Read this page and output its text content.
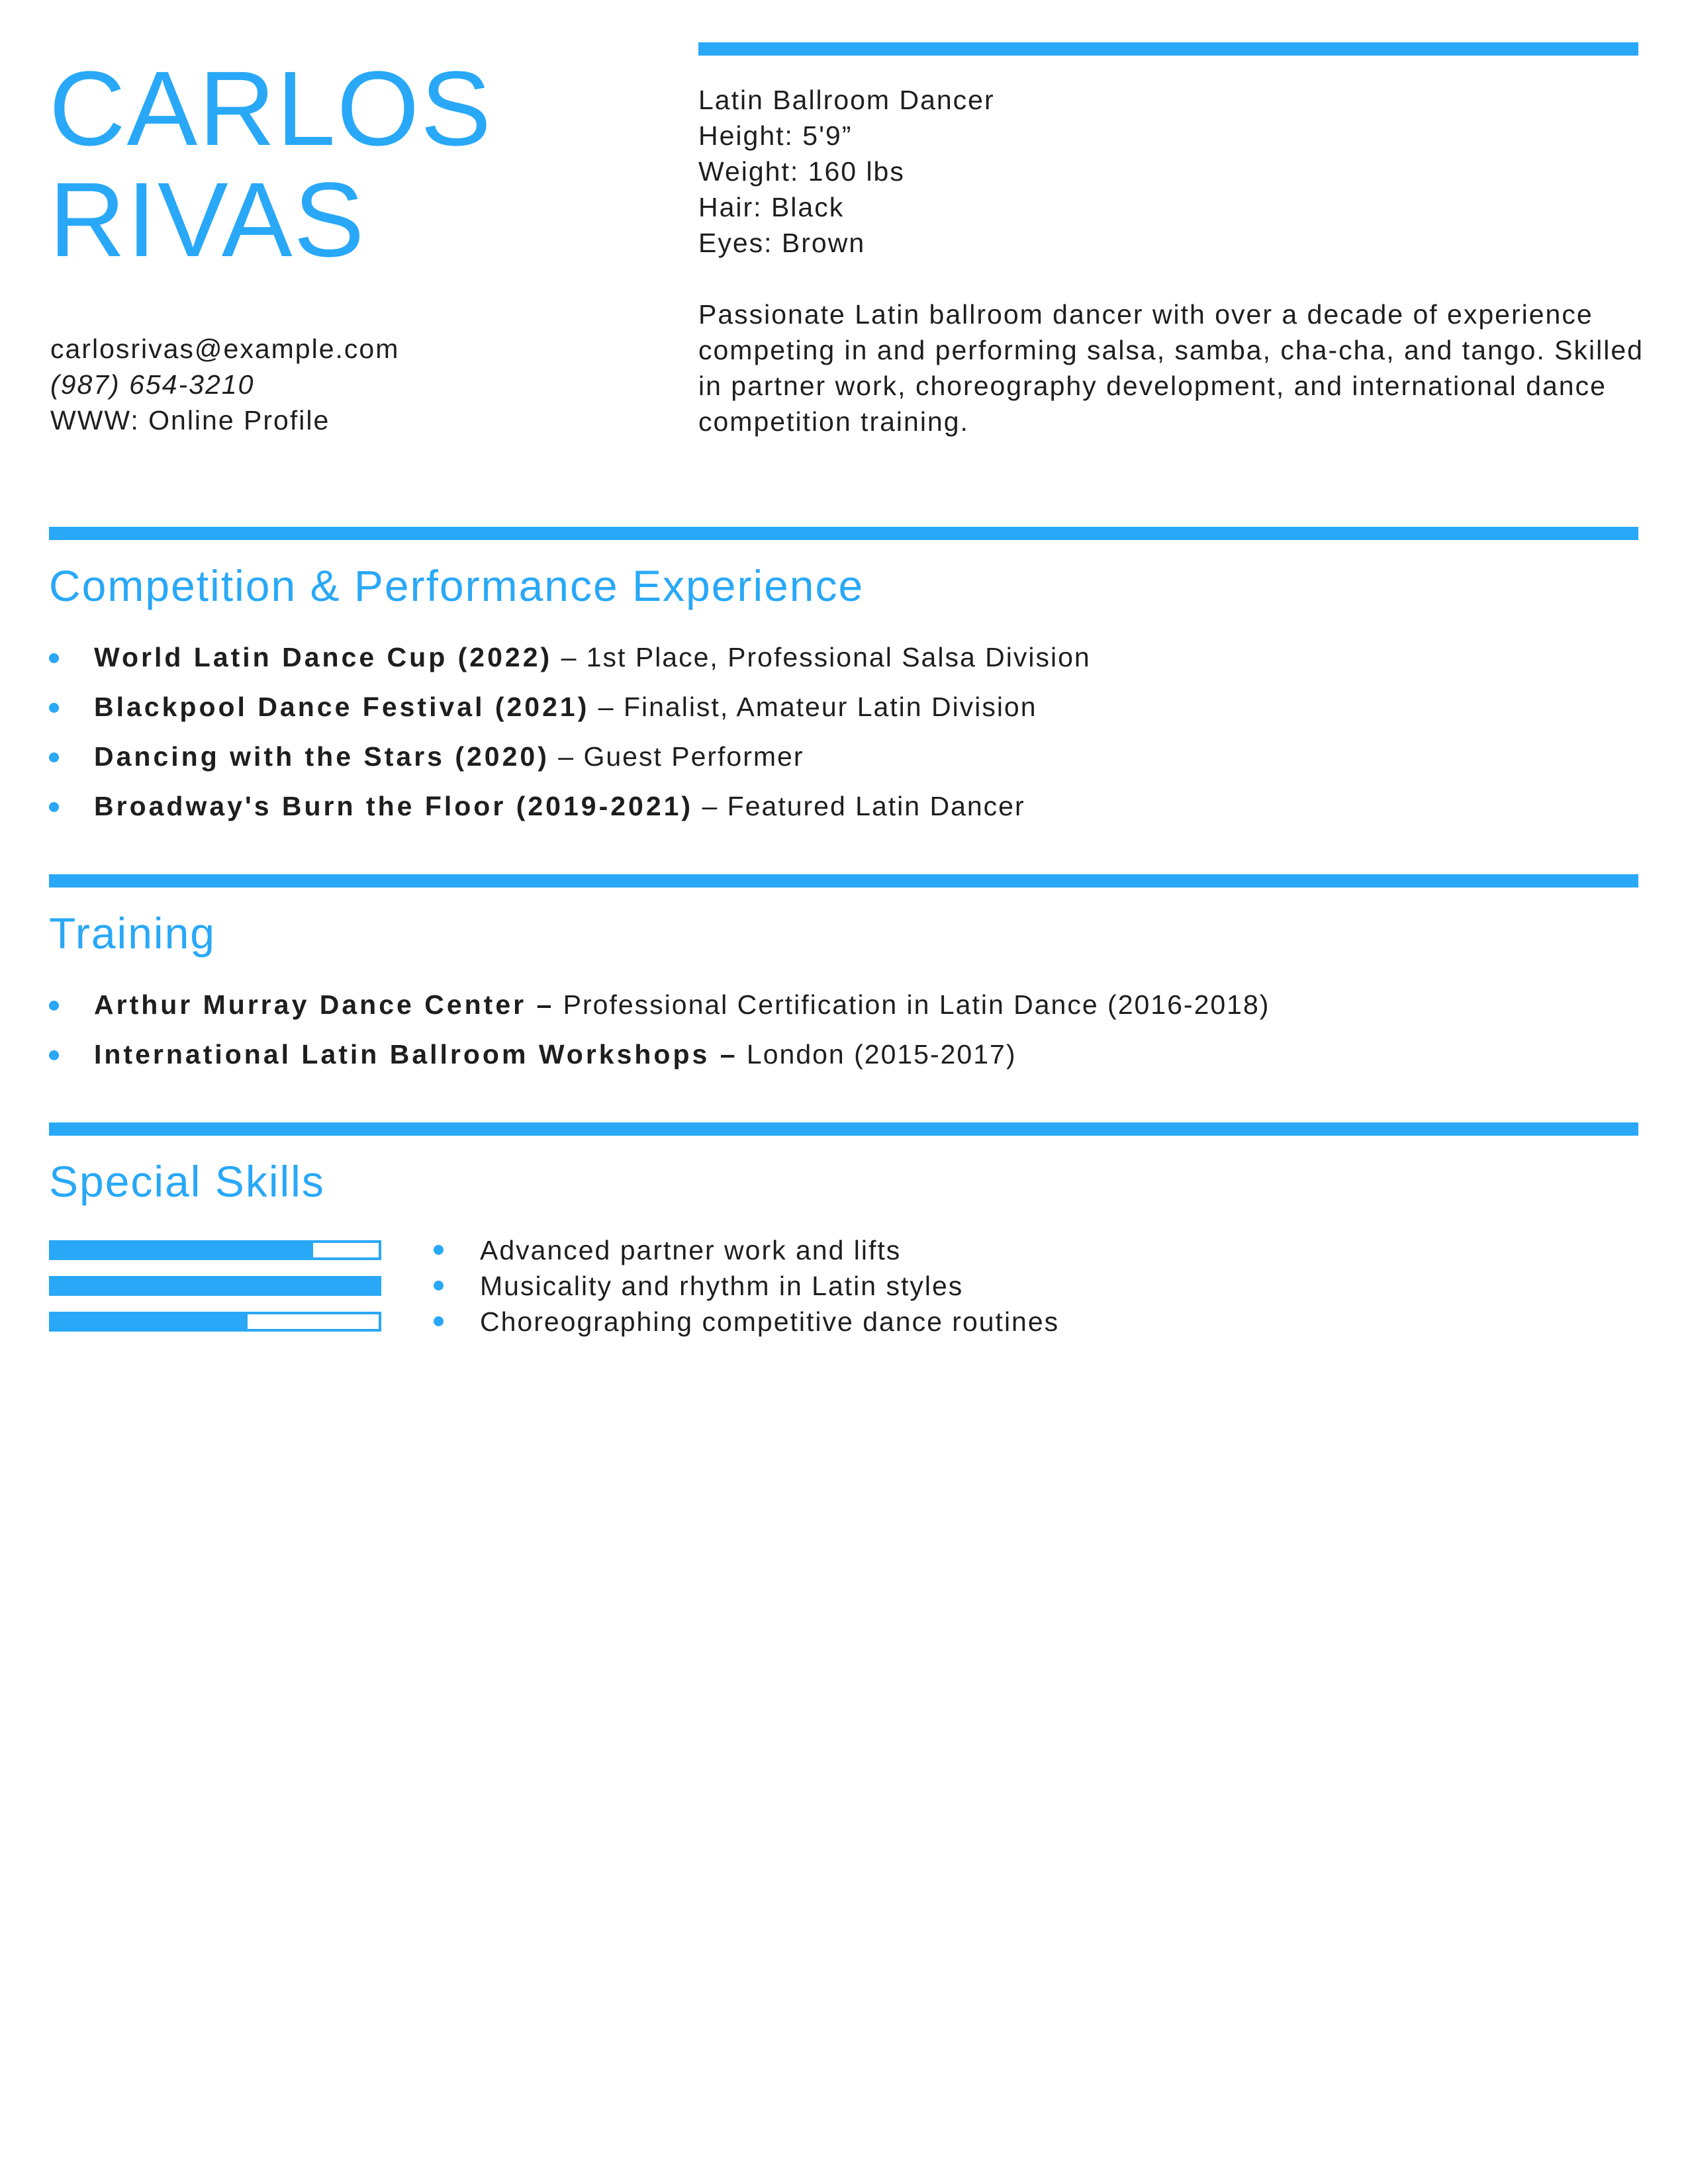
CARLOS
RIVAS
carlosrivas@example.com
(987) 654-3210
WWW: Online Profile
Latin Ballroom Dancer
Height: 5'9”
Weight: 160 lbs
Hair: Black
Eyes: Brown
Passionate Latin ballroom dancer with over a decade of experience competing in and performing salsa, samba, cha-cha, and tango. Skilled in partner work, choreography development, and international dance competition training.
Competition & Performance Experience
World Latin Dance Cup (2022) – 1st Place, Professional Salsa Division
Blackpool Dance Festival (2021) – Finalist, Amateur Latin Division
Dancing with the Stars (2020) – Guest Performer
Broadway's Burn the Floor (2019-2021) – Featured Latin Dancer
Training
Arthur Murray Dance Center – Professional Certification in Latin Dance (2016-2018)
International Latin Ballroom Workshops – London (2015-2017)
Special Skills
Advanced partner work and lifts
Musicality and rhythm in Latin styles
Choreographing competitive dance routines
